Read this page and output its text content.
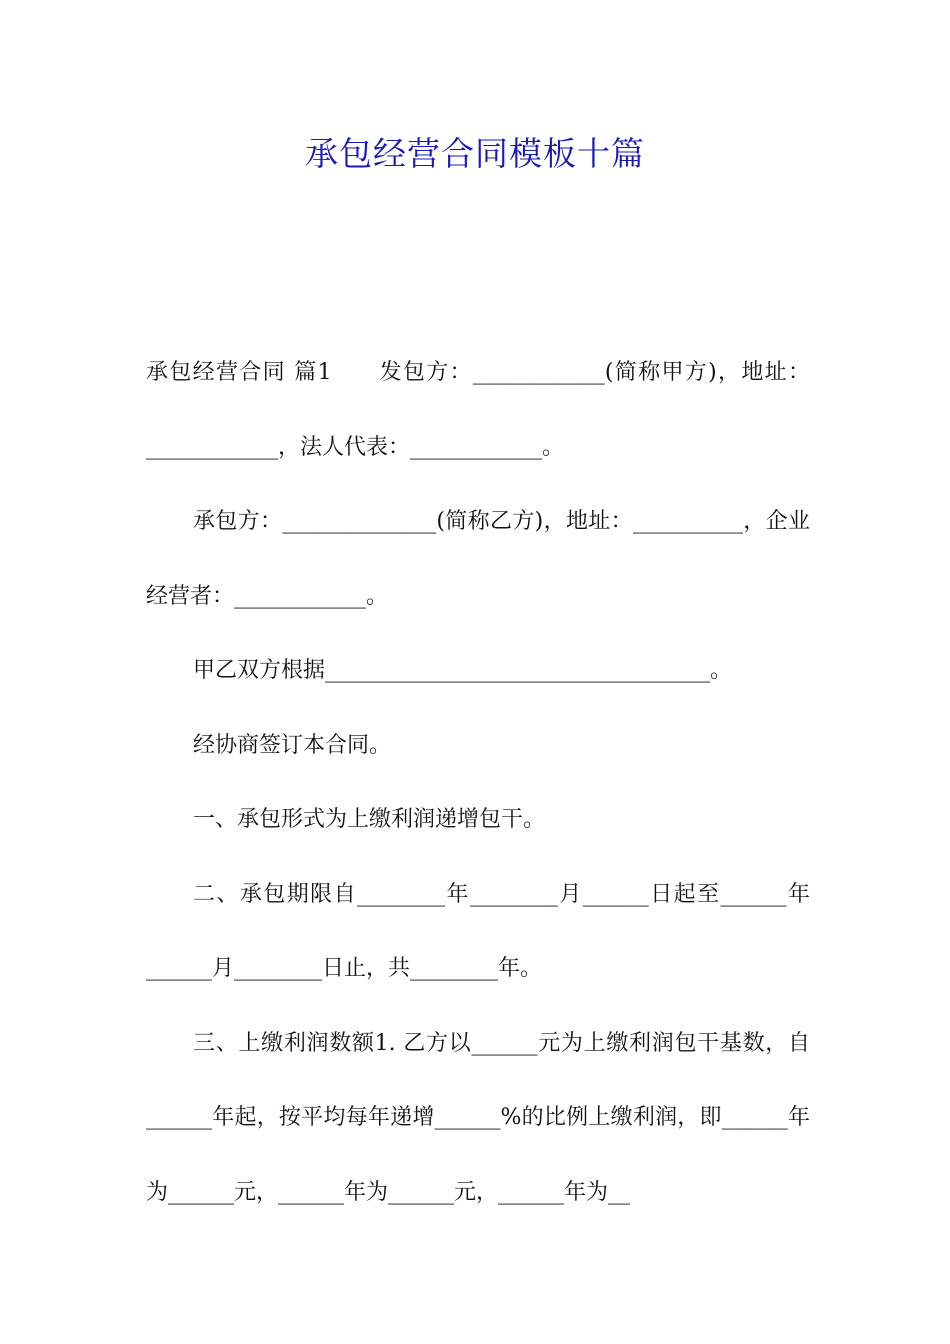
承包经营合同模板十篇

承包经营合同 篇1　　发包方：____________(简称甲方)，地址：____________，法人代表：____________。

承包方：______________(简称乙方)，地址：__________，企业经营者：____________。

甲乙双方根据___________________________________。

经协商签订本合同。

一、承包形式为上缴利润递增包干。

二、承包期限自________年________月______日起至______年______月________日止，共________年。

三、上缴利润数额1. 乙方以______元为上缴利润包干基数，自______年起，按平均每年递增______%的比例上缴利润，即______年为______元，______年为______元，______年为__
